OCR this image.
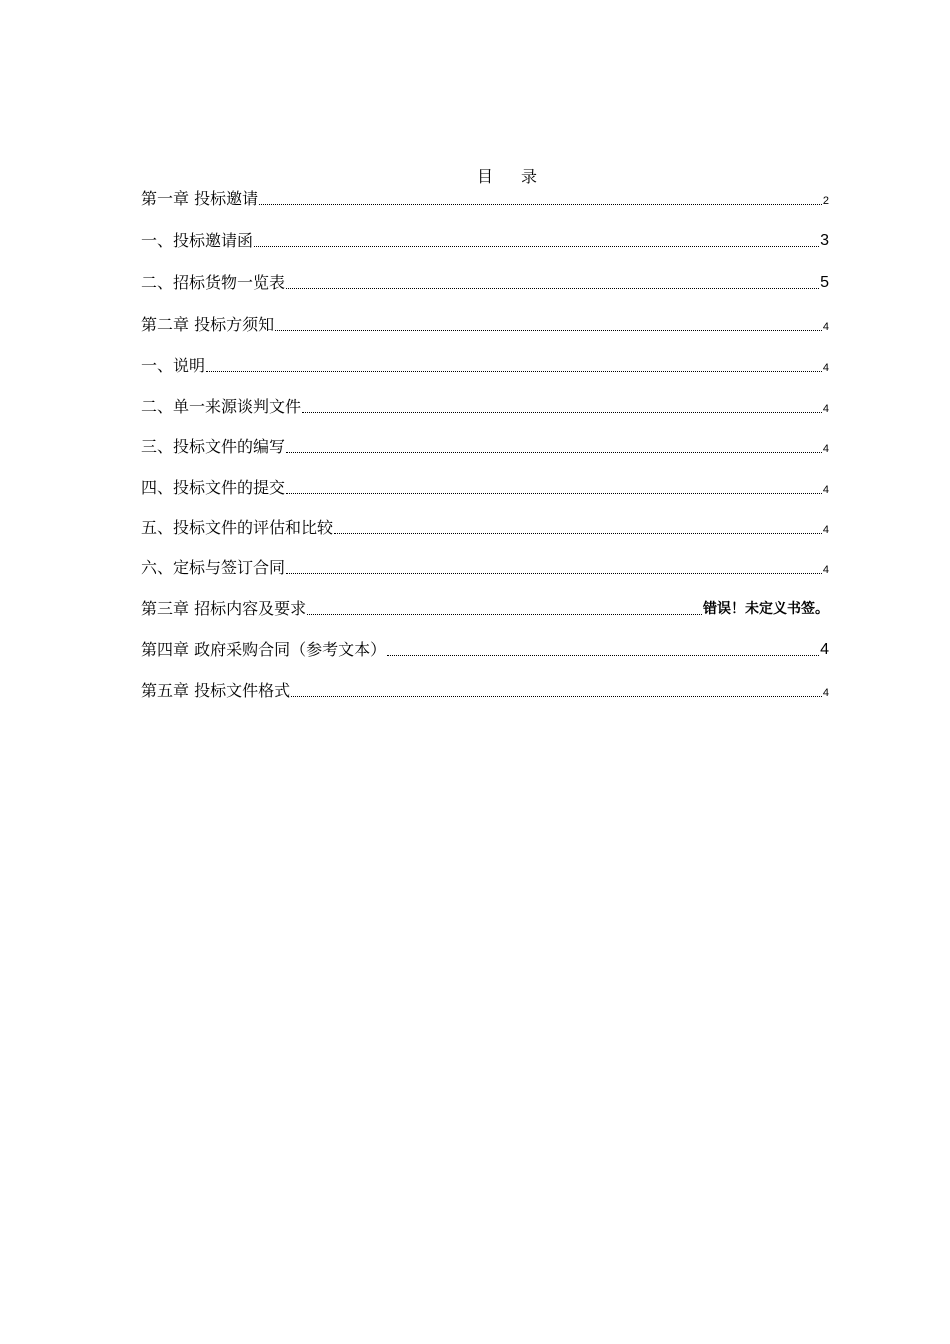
目 录
第一章 投标邀请	2
一、投标邀请函	3
二、招标货物一览表	5
第二章 投标方须知	4
一、说明	4
二、单一来源谈判文件	4
三、投标文件的编写	4
四、投标文件的提交	4
五、投标文件的评估和比较	4
六、定标与签订合同	4
第三章 招标内容及要求	错误！未定义书签。
第四章 政府采购合同（参考文本）	4
第五章 投标文件格式	4
